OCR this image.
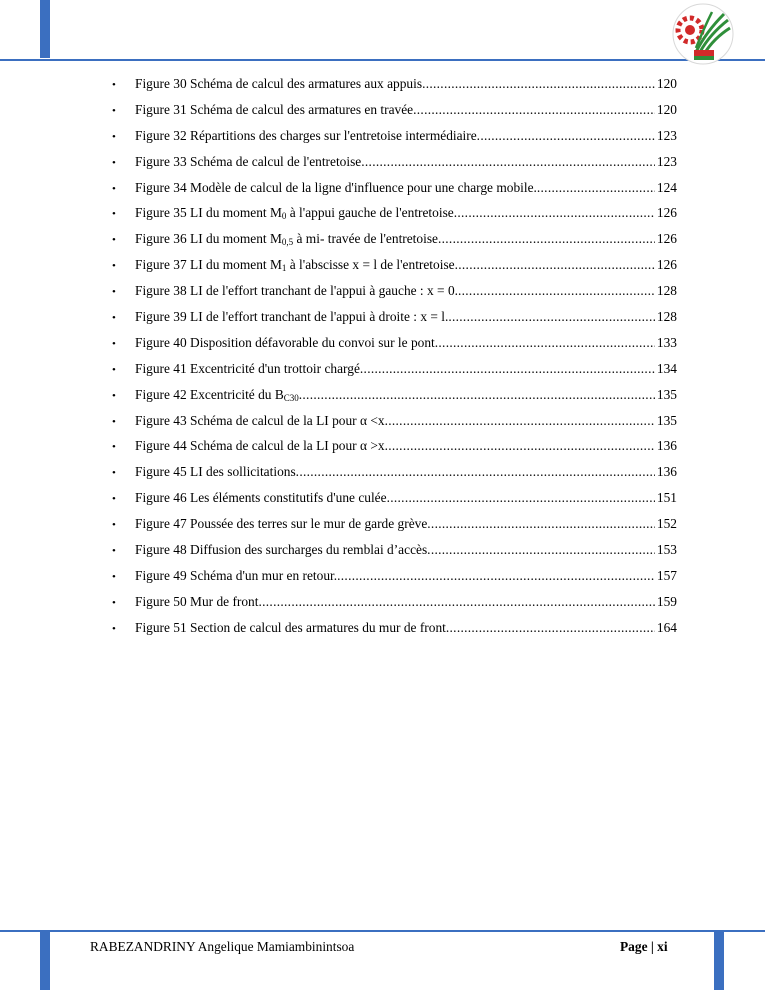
•	Figure 30 Schéma de calcul des armatures aux appuis .....	120
•	Figure 31 Schéma de calcul des armatures en travée .....	120
•	Figure 32 Répartitions des charges sur l'entretoise intermédiaire .....	123
•	Figure 33 Schéma de calcul de l'entretoise .....	123
•	Figure 34 Modèle de calcul de la ligne d'influence pour une charge mobile. .....	124
•	Figure 35 LI du moment $M_0$ à l'appui gauche de l'entretoise .....	126
•	Figure 36 LI du moment $M_{0,5}$ à mi- travée de l'entretoise .....	126
•	Figure 37 LI du moment $M_1$ à l'abscisse x = l de l'entretoise .....	126
•	Figure 38 LI de l'effort tranchant de l'appui à gauche : x = 0. .....	128
•	Figure 39 LI de l'effort tranchant de l'appui à droite : x = l. .....	128
•	Figure 40 Disposition défavorable du convoi sur le pont .....	133
•	Figure 41 Excentricité d'un trottoir chargé .....	134
•	Figure 42 Excentricité du $B_{C30}$ .....	135
•	Figure 43 Schéma de calcul de la LI pour α <x .....	135
•	Figure 44 Schéma de calcul de la LI pour α >x .....	136
•	Figure 45 LI des sollicitations .....	136
•	Figure 46 Les éléments constitutifs d'une culée .....	151
•	Figure 47 Poussée des terres sur le mur de garde grève .....	152
•	Figure 48 Diffusion des surcharges du remblai d’accès .....	153
•	Figure 49 Schéma d'un mur en retour. .....	157
•	Figure 50 Mur de front .....	159
•	Figure 51 Section de calcul des armatures du mur de front .....	164
RABEZANDRINY Angelique Mamiambinintsoa	Page | xi
